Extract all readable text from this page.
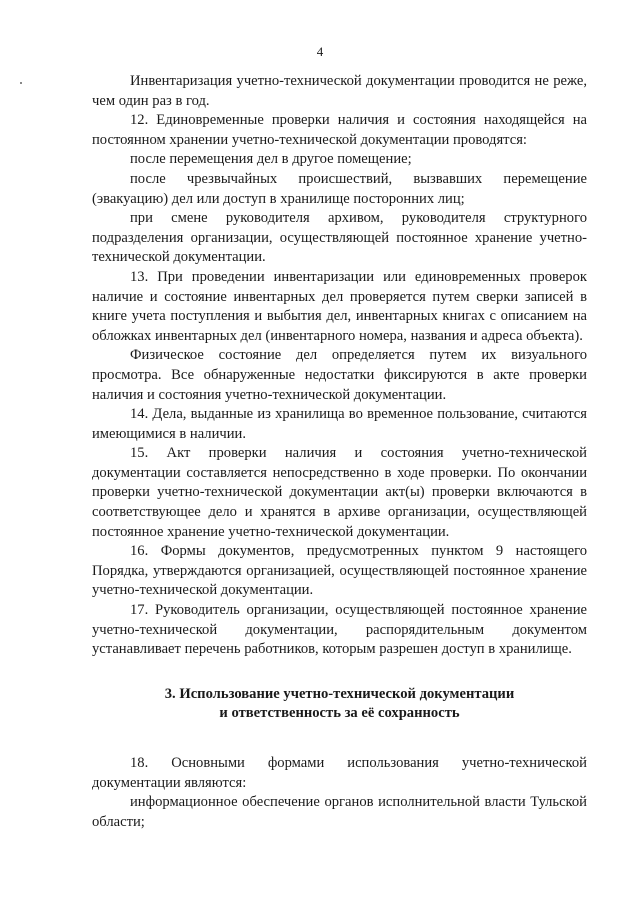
4

Инвентаризация учетно-технической документации проводится не реже, чем один раз в год.

12. Единовременные проверки наличия и состояния находящейся на постоянном хранении учетно-технической документации проводятся:

после перемещения дел в другое помещение;

после чрезвычайных происшествий, вызвавших перемещение (эвакуацию) дел или доступ в хранилище посторонних лиц;

при смене руководителя архивом, руководителя структурного подразделения организации, осуществляющей постоянное хранение учетно-технической документации.

13. При проведении инвентаризации или единовременных проверок наличие и состояние инвентарных дел проверяется путем сверки записей в книге учета поступления и выбытия дел, инвентарных книгах с описанием на обложках инвентарных дел (инвентарного номера, названия и адреса объекта).

Физическое состояние дел определяется путем их визуального просмотра. Все обнаруженные недостатки фиксируются в акте проверки наличия и состояния учетно-технической документации.

14. Дела, выданные из хранилища во временное пользование, считаются имеющимися в наличии.

15. Акт проверки наличия и состояния учетно-технической документации составляется непосредственно в ходе проверки. По окончании проверки учетно-технической документации акт(ы) проверки включаются в соответствующее дело и хранятся в архиве организации, осуществляющей постоянное хранение учетно-технической документации.

16. Формы документов, предусмотренных пунктом 9 настоящего Порядка, утверждаются организацией, осуществляющей постоянное хранение учетно-технической документации.

17. Руководитель организации, осуществляющей постоянное хранение учетно-технической документации, распорядительным документом устанавливает перечень работников, которым разрешен доступ в хранилище.

3. Использование учетно-технической документации
и ответственность за её сохранность

18. Основными формами использования учетно-технической документации являются:

информационное обеспечение органов исполнительной власти Тульской области;
